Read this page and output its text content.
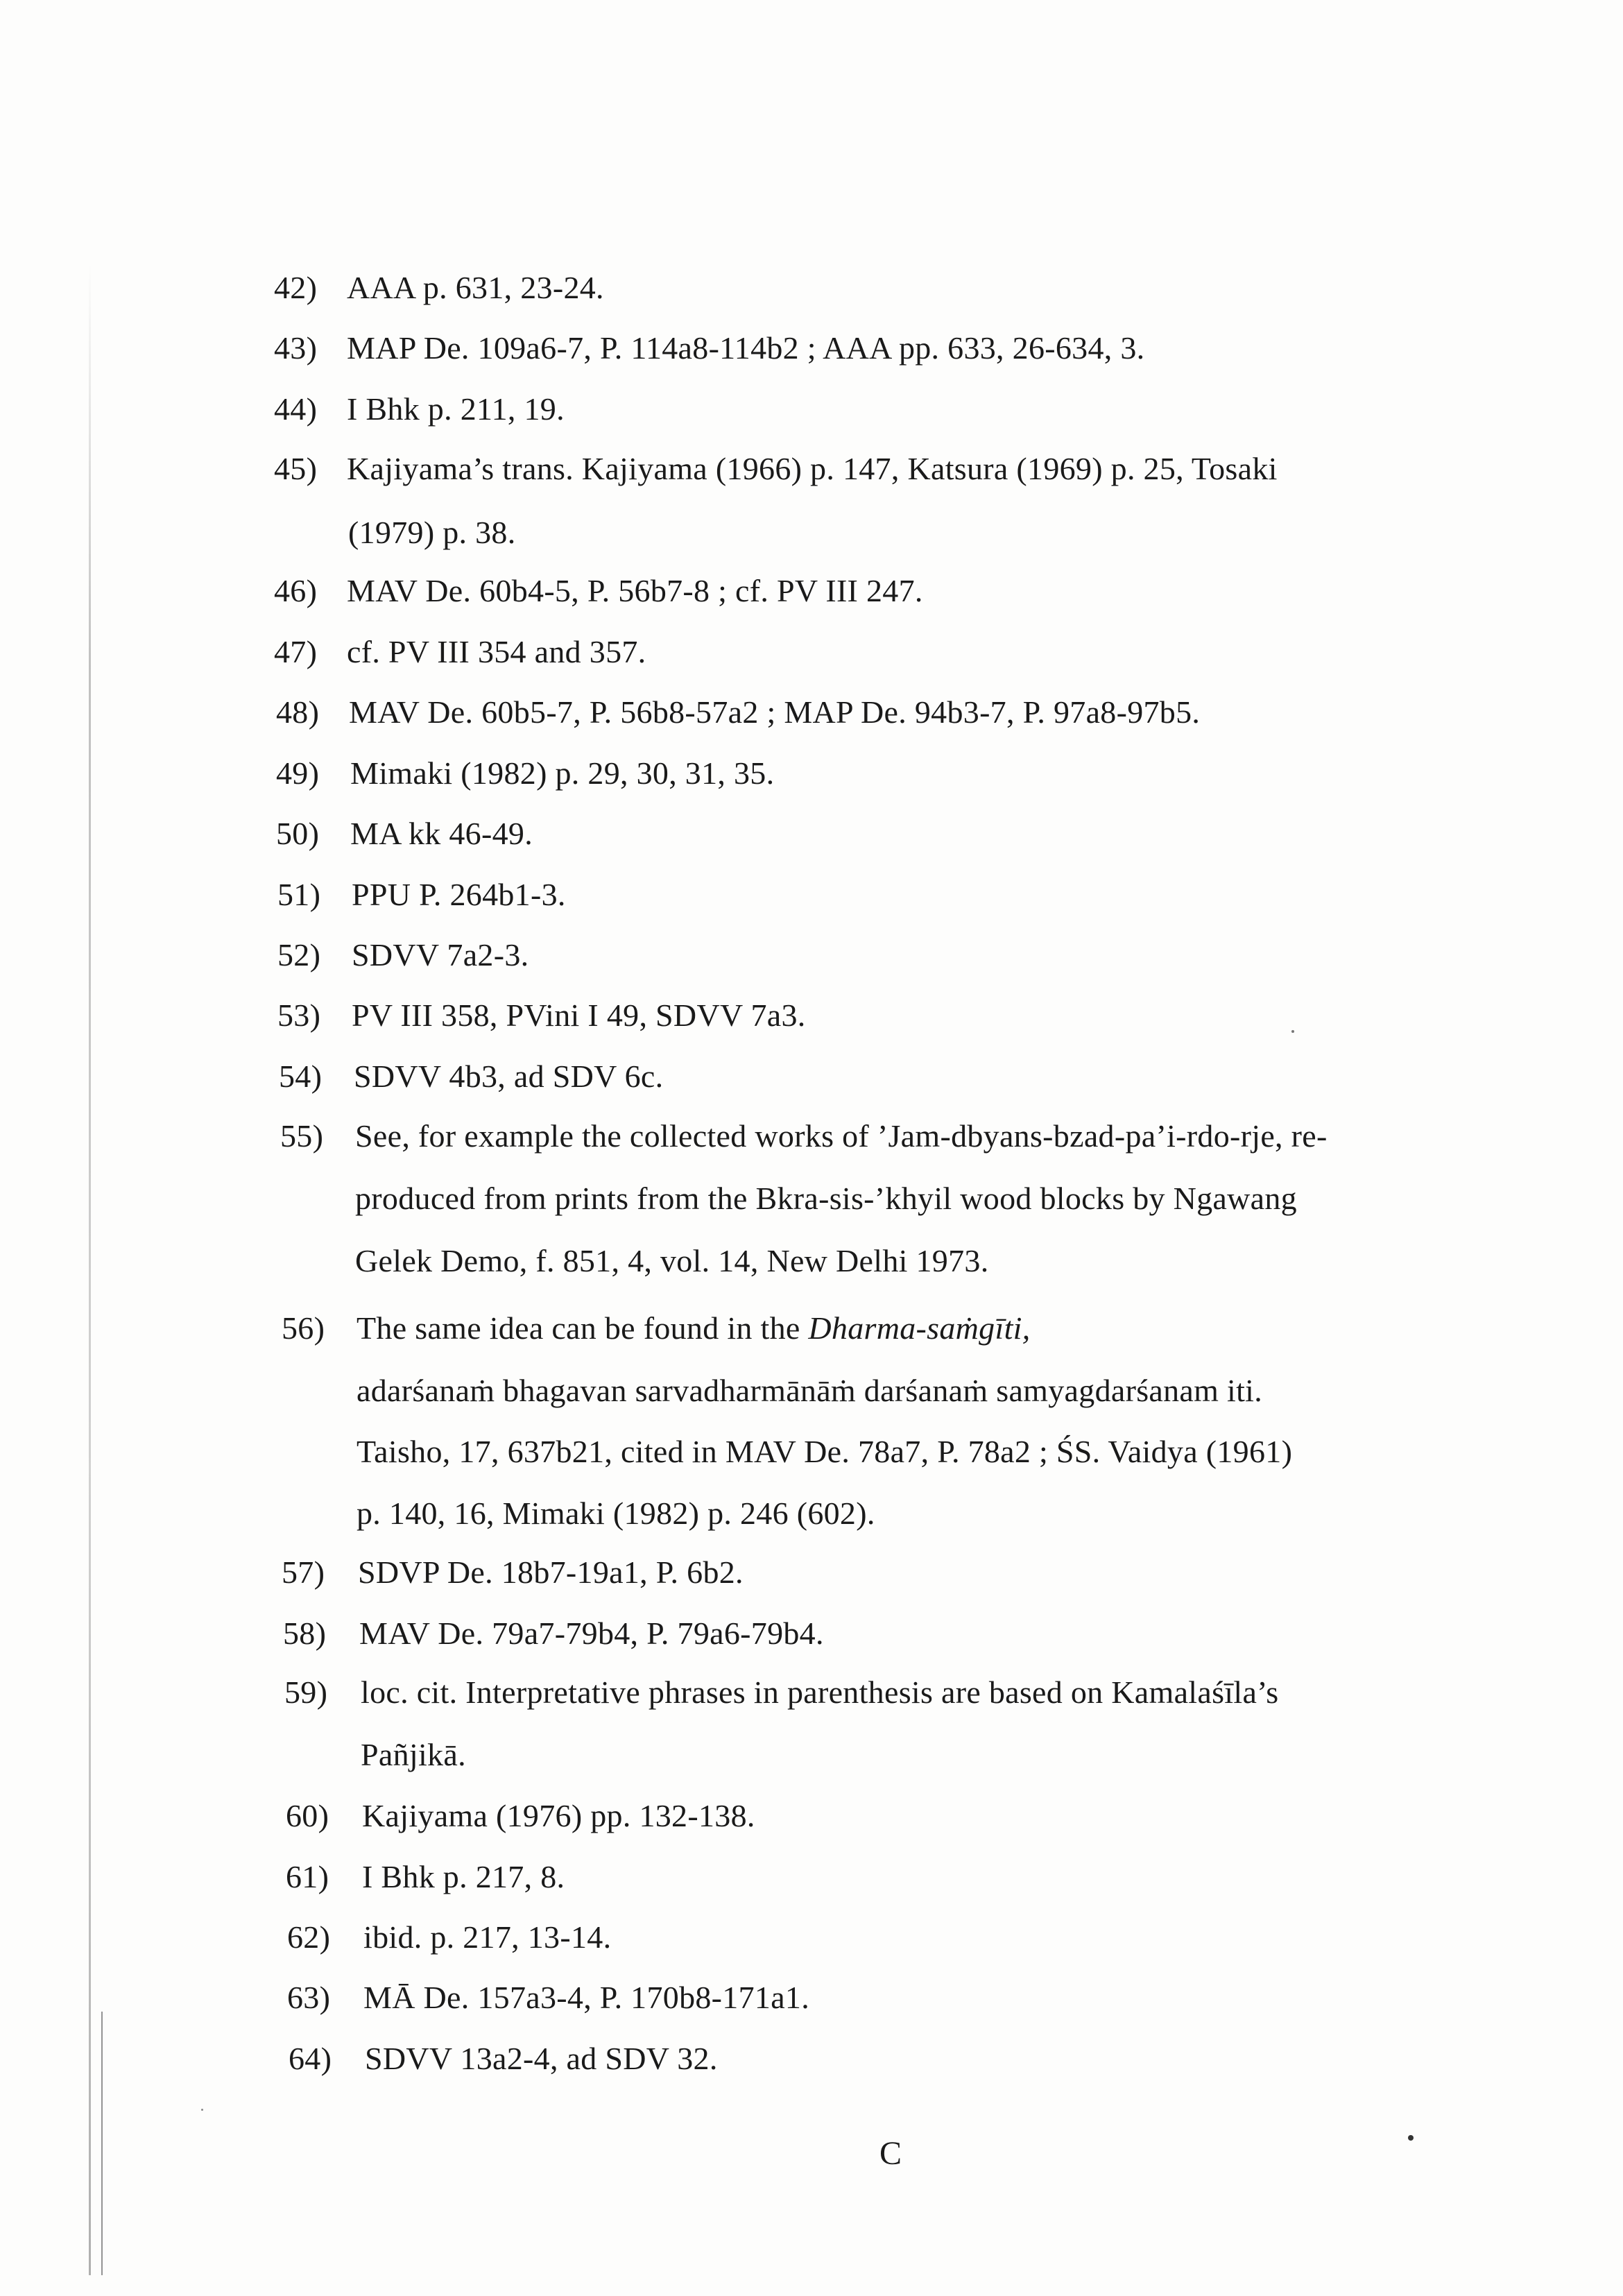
42) AAA p. 631, 23-24.
43) MAP De. 109a6-7, P. 114a8-114b2 ; AAA pp. 633, 26-634, 3.
44) I Bhk p. 211, 19.
45) Kajiyama’s trans. Kajiyama (1966) p. 147, Katsura (1969) p. 25, Tosaki
(1979) p. 38.
46) MAV De. 60b4-5, P. 56b7-8 ; cf. PV III 247.
47) cf. PV III 354 and 357.
48) MAV De. 60b5-7, P. 56b8-57a2 ; MAP De. 94b3-7, P. 97a8-97b5.
49) Mimaki (1982) p. 29, 30, 31, 35.
50) MA kk 46-49.
51) PPU P. 264b1-3.
52) SDVV 7a2-3.
53) PV III 358, PVini I 49, SDVV 7a3.
54) SDVV 4b3, ad SDV 6c.
55) See, for example the collected works of ’Jam-dbyans-bzad-pa’i-rdo-rje, re-
produced from prints from the Bkra-sis-’khyil wood blocks by Ngawang
Gelek Demo, f. 851, 4, vol. 14, New Delhi 1973.
56) The same idea can be found in the Dharma-saṁgīti,
adarśanaṁ bhagavan sarvadharmānāṁ darśanaṁ samyagdarśanam iti.
Taisho, 17, 637b21, cited in MAV De. 78a7, P. 78a2 ; ŚS. Vaidya (1961)
p. 140, 16, Mimaki (1982) p. 246 (602).
57) SDVP De. 18b7-19a1, P. 6b2.
58) MAV De. 79a7-79b4, P. 79a6-79b4.
59) loc. cit. Interpretative phrases in parenthesis are based on Kamalaśīla’s
Pañjikā.
60) Kajiyama (1976) pp. 132-138.
61) I Bhk p. 217, 8.
62) ibid. p. 217, 13-14.
63) MĀ De. 157a3-4, P. 170b8-171a1.
64) SDVV 13a2-4, ad SDV 32.
C
